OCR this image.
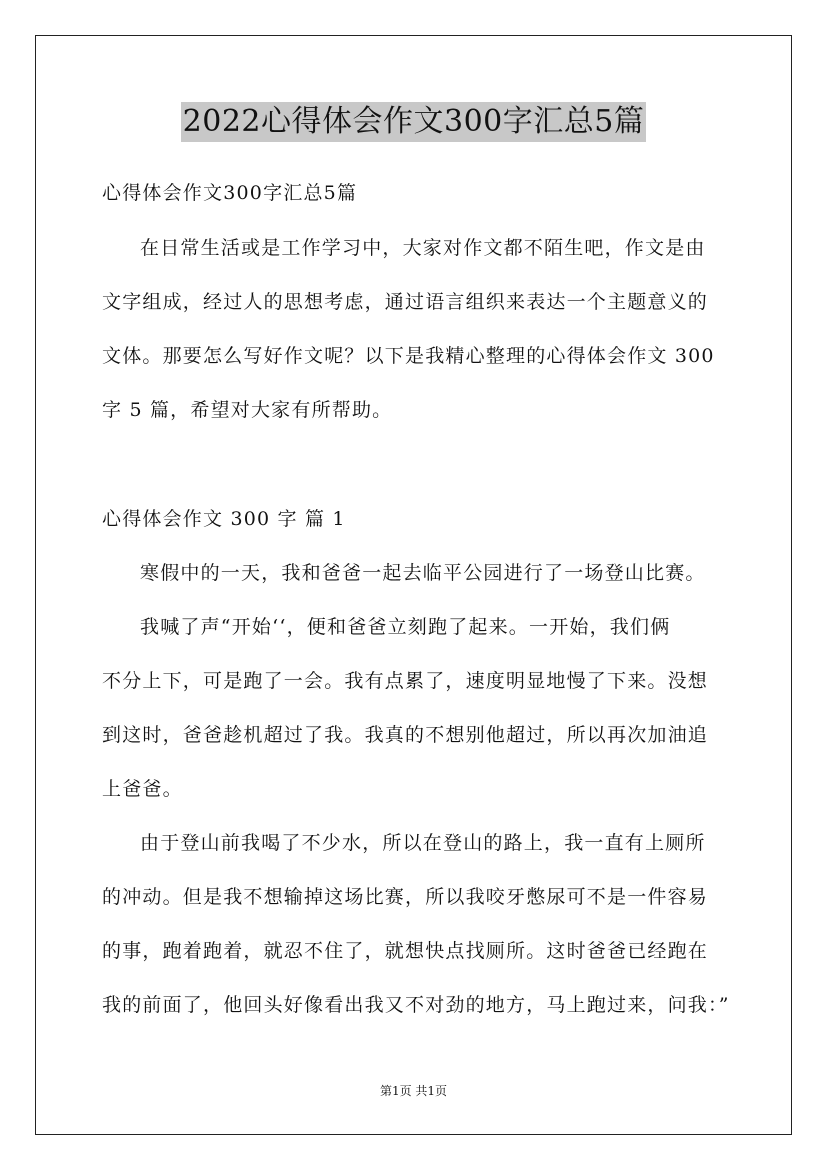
2022心得体会作文300字汇总5篇
心得体会作文300字汇总5篇
在日常生活或是工作学习中，大家对作文都不陌生吧，作文是由
文字组成，经过人的思想考虑，通过语言组织来表达一个主题意义的
文体。那要怎么写好作文呢？以下是我精心整理的心得体会作文 300
字 5 篇，希望对大家有所帮助。
心得体会作文 300 字 篇 1
寒假中的一天，我和爸爸一起去临平公园进行了一场登山比赛。
我喊了声“开始‘‘，便和爸爸立刻跑了起来。一开始，我们俩
不分上下，可是跑了一会。我有点累了，速度明显地慢了下来。没想
到这时，爸爸趁机超过了我。我真的不想别他超过，所以再次加油追
上爸爸。
由于登山前我喝了不少水，所以在登山的路上，我一直有上厕所
的冲动。但是我不想输掉这场比赛，所以我咬牙憋尿可不是一件容易
的事，跑着跑着，就忍不住了，就想快点找厕所。这时爸爸已经跑在
我的前面了，他回头好像看出我又不对劲的地方，马上跑过来，问我：”
第1页 共1页
